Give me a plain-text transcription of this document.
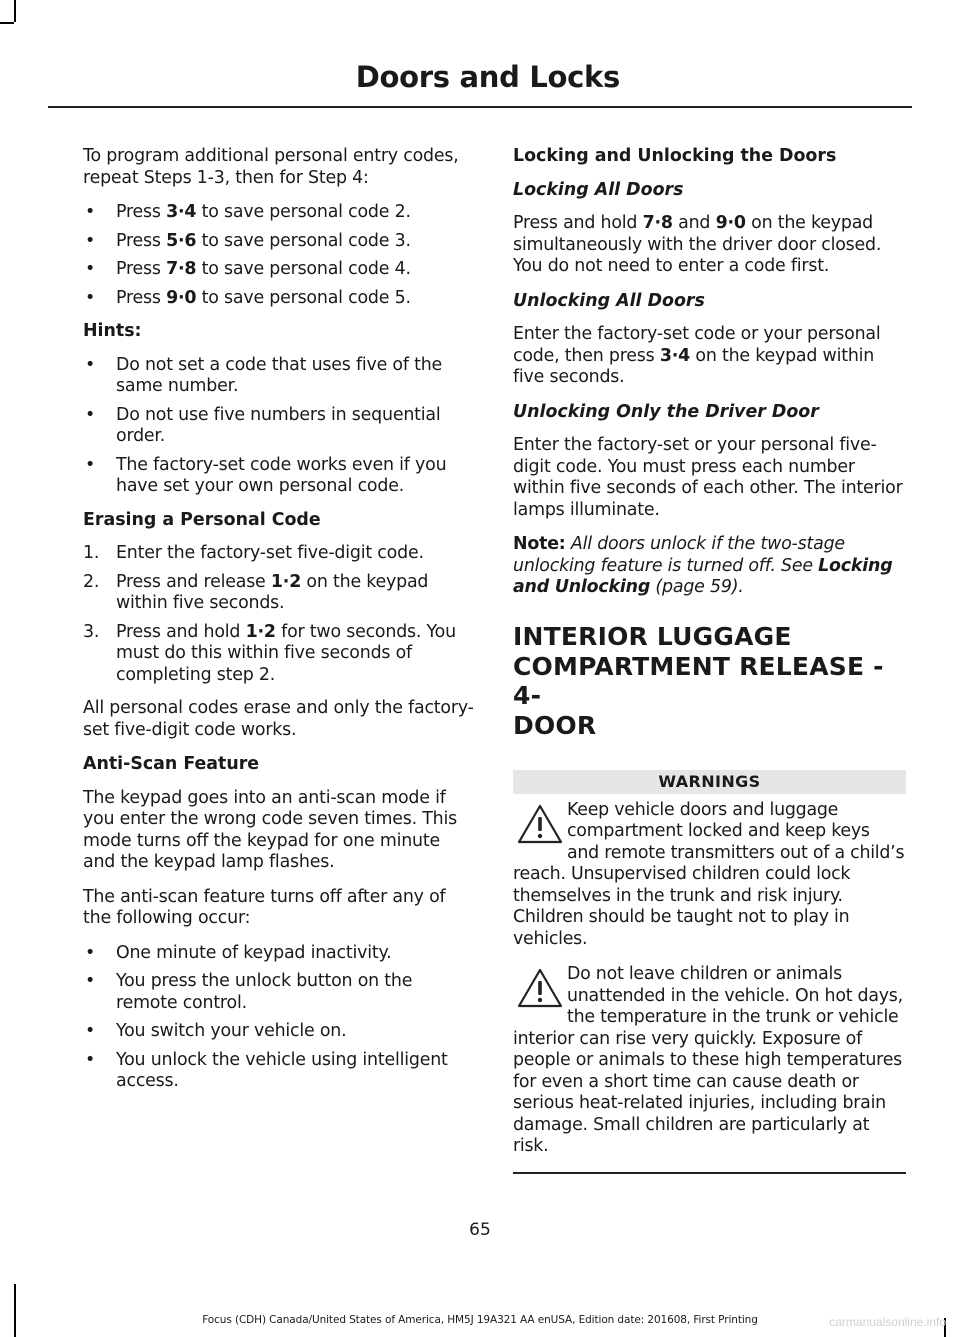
Doors and Locks

To program additional personal entry codes, repeat Steps 1-3, then for Step 4:

• Press 3·4 to save personal code 2.
• Press 5·6 to save personal code 3.
• Press 7·8 to save personal code 4.
• Press 9·0 to save personal code 5.
Hints:
• Do not set a code that uses five of the same number.
• Do not use five numbers in sequential order.
• The factory-set code works even if you have set your own personal code.
Erasing a Personal Code
1. Enter the factory-set five-digit code.
2. Press and release 1·2 on the keypad within five seconds.
3. Press and hold 1·2 for two seconds. You must do this within five seconds of completing step 2.

All personal codes erase and only the factory-set five-digit code works.

Anti-Scan Feature

The keypad goes into an anti-scan mode if you enter the wrong code seven times. This mode turns off the keypad for one minute and the keypad lamp flashes.

The anti-scan feature turns off after any of the following occur:

• One minute of keypad inactivity.
• You press the unlock button on the remote control.
• You switch your vehicle on.
• You unlock the vehicle using intelligent access.
Locking and Unlocking the Doors
Locking All Doors

Press and hold 7·8 and 9·0 on the keypad simultaneously with the driver door closed. You do not need to enter a code first.

Unlocking All Doors

Enter the factory-set code or your personal code, then press 3·4 on the keypad within five seconds.

Unlocking Only the Driver Door

Enter the factory-set or your personal five-digit code. You must press each number within five seconds of each other. The interior lamps illuminate.

Note: All doors unlock if the two-stage unlocking feature is turned off. See Locking and Unlocking (page 59).

INTERIOR LUGGAGE
COMPARTMENT RELEASE - 4-
DOOR
WARNINGS

Keep vehicle doors and luggage compartment locked and keep keys and remote transmitters out of a child’s reach. Unsupervised children could lock themselves in the trunk and risk injury. Children should be taught not to play in vehicles.

Do not leave children or animals unattended in the vehicle. On hot days, the temperature in the trunk or vehicle interior can rise very quickly. Exposure of people or animals to these high temperatures for even a short time can cause death or serious heat-related injuries, including brain damage. Small children are particularly at risk.

65
Focus (CDH) Canada/United States of America, HM5J 19A321 AA enUSA, Edition date: 201608, First Printing	carmanualsonline.info
